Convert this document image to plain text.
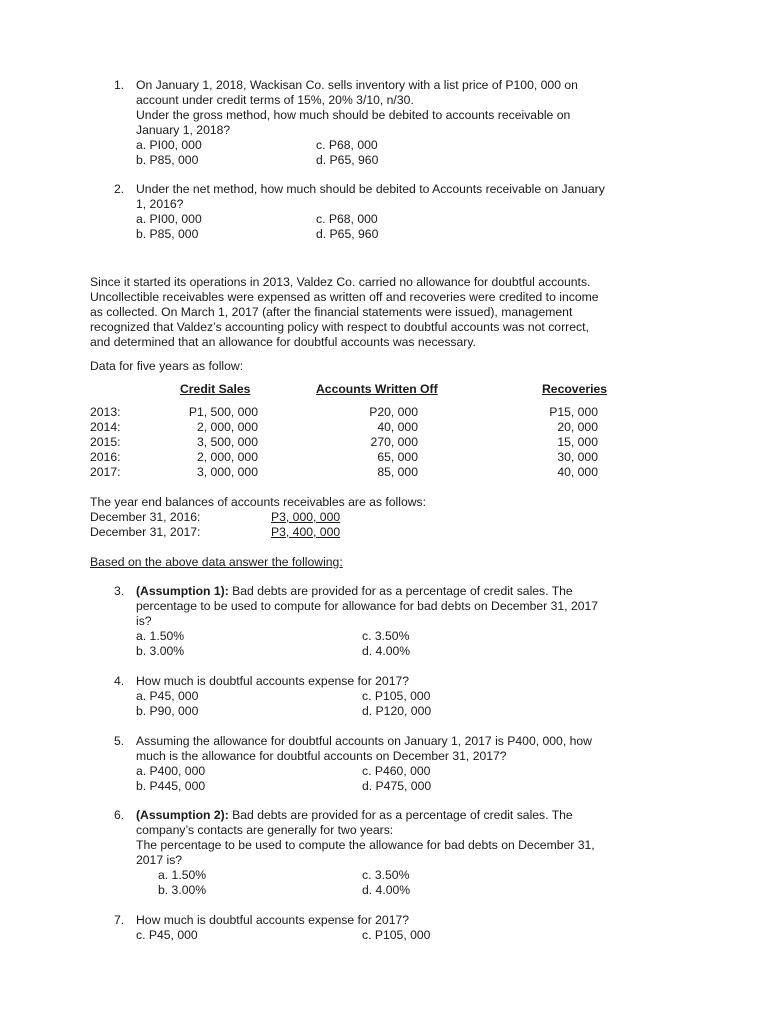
1. On January 1, 2018, Wackisan Co. sells inventory with a list price of P100, 000 on
account under credit terms of 15%, 20% 3/10, n/30.
Under the gross method, how much should be debited to accounts receivable on
January 1, 2018?
a. PI00, 000
b. P85, 000
c. P68, 000
d. P65, 960
2. Under the net method, how much should be debited to Accounts receivable on January
1, 2016?
a. PI00, 000
b. P85, 000
c. P68, 000
d. P65, 960
Since it started its operations in 2013, Valdez Co. carried no allowance for doubtful accounts.
Uncollectible receivables were expensed as written off and recoveries were credited to income
as collected. On March 1, 2017 (after the financial statements were issued), management
recognized that Valdez’s accounting policy with respect to doubtful accounts was not correct,
and determined that an allowance for doubtful accounts was necessary.
Data for five years as follow:
Credit Sales	Accounts Written Off	Recoveries
2013:	P1, 500, 000	P20, 000	P15, 000
2014:	2, 000, 000	40, 000	20, 000
2015:	3, 500, 000	270, 000	15, 000
2016:	2, 000, 000	65, 000	30, 000
2017:	3, 000, 000	85, 000	40, 000
The year end balances of accounts receivables are as follows:
December 31, 2016:	P3, 000, 000
December 31, 2017:	P3, 400, 000
Based on the above data answer the following:
3. (Assumption 1): Bad debts are provided for as a percentage of credit sales. The
percentage to be used to compute for allowance for bad debts on December 31, 2017
is?
a. 1.50%
b. 3.00%
c. 3.50%
d. 4.00%
4. How much is doubtful accounts expense for 2017?
a. P45, 000
b. P90, 000
c. P105, 000
d. P120, 000
5. Assuming the allowance for doubtful accounts on January 1, 2017 is P400, 000, how
much is the allowance for doubtful accounts on December 31, 2017?
a. P400, 000
b. P445, 000
c. P460, 000
d. P475, 000
6. (Assumption 2): Bad debts are provided for as a percentage of credit sales. The
company’s contacts are generally for two years:
The percentage to be used to compute the allowance for bad debts on December 31,
2017 is?
a. 1.50%
b. 3.00%
c. 3.50%
d. 4.00%
7. How much is doubtful accounts expense for 2017?
c. P45, 000	c. P105, 000
